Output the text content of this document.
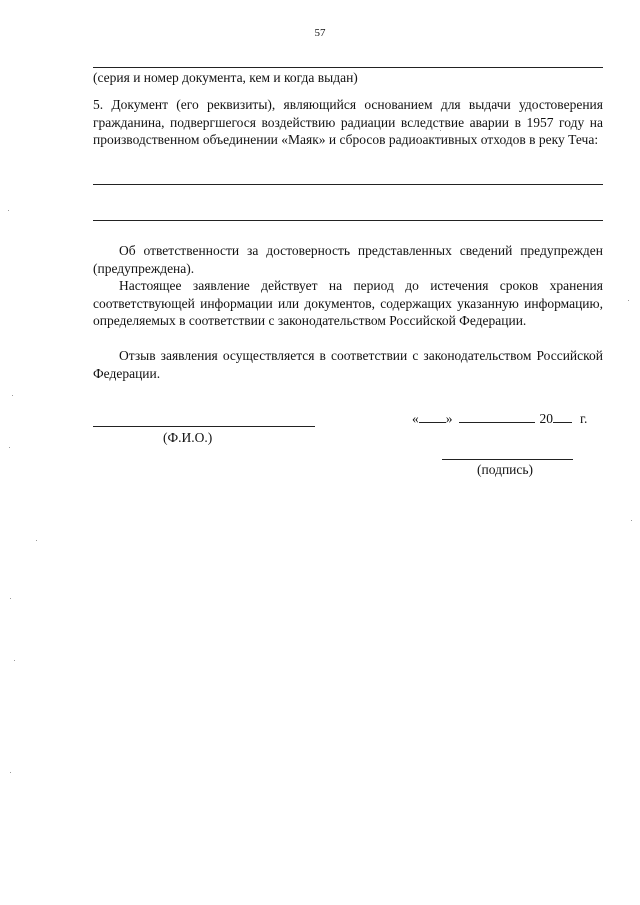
57
(серия и номер документа, кем и когда выдан)
5. Документ (его реквизиты), являющийся основанием для выдачи удостоверения гражданина, подвергшегося воздействию радиации вследствие аварии в 1957 году на производственном объединении «Маяк» и сбросов радиоактивных отходов в реку Теча:
Об ответственности за достоверность представленных сведений предупрежден (предупреждена).
Настоящее заявление действует на период до истечения сроков хранения соответствующей информации или документов, содержащих указанную информацию, определяемых в соответствии с законодательством Российской Федерации.
Отзыв заявления осуществляется в соответствии с законодательством Российской Федерации.
(Ф.И.О.)
« »	20 г.
(подпись)
